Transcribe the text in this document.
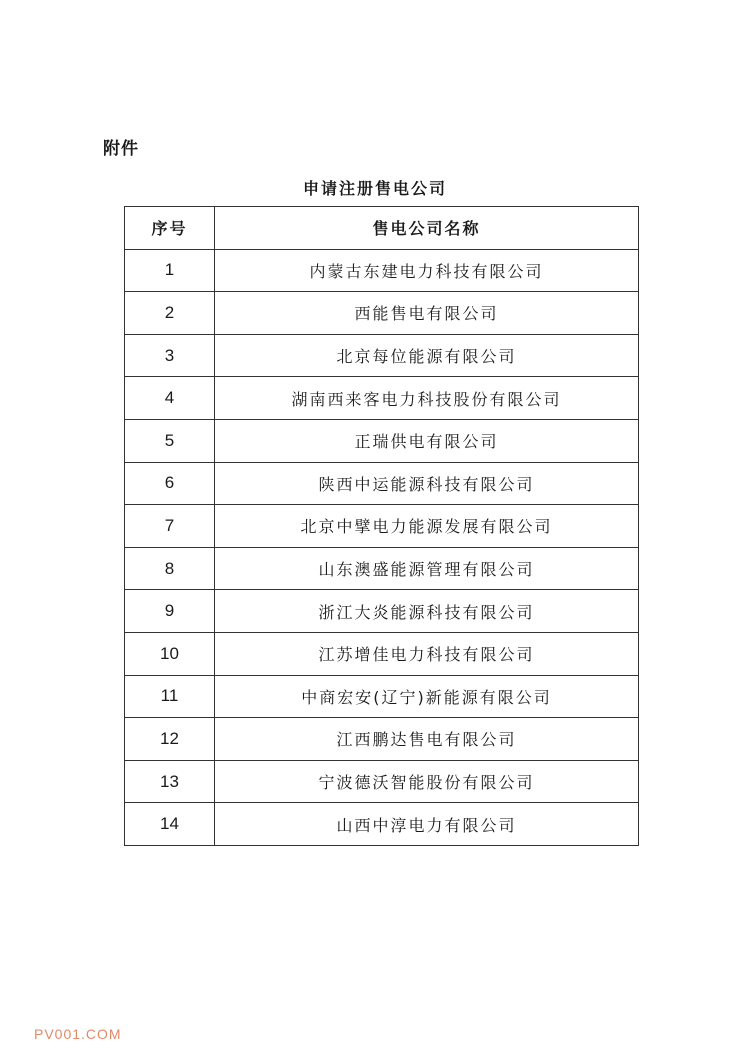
附件
申请注册售电公司
序号	售电公司名称
1	内蒙古东建电力科技有限公司
2	西能售电有限公司
3	北京每位能源有限公司
4	湖南西来客电力科技股份有限公司
5	正瑞供电有限公司
6	陕西中运能源科技有限公司
7	北京中擘电力能源发展有限公司
8	山东澳盛能源管理有限公司
9	浙江大炎能源科技有限公司
10	江苏增佳电力科技有限公司
11	中商宏安(辽宁)新能源有限公司
12	江西鹏达售电有限公司
13	宁波德沃智能股份有限公司
14	山西中淳电力有限公司
PV001.COM
